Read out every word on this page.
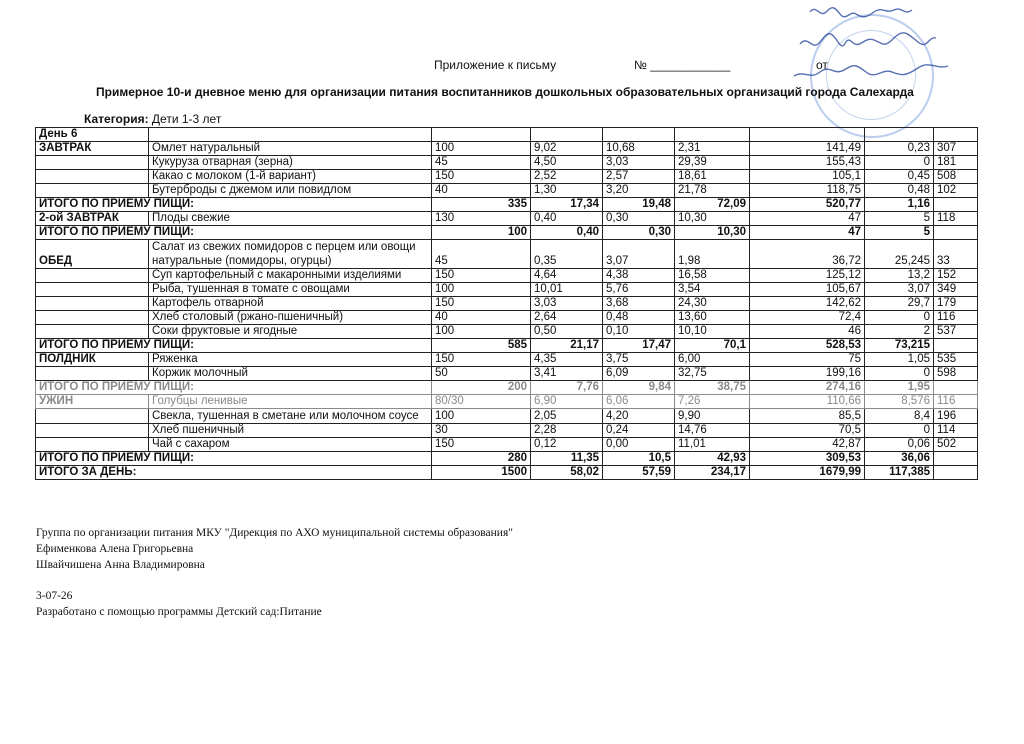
Приложение к письму	№ ____________	от
Примерное 10-и дневное меню для организации питания воспитанников дошкольных образовательных организаций города Салехарда
Категория: Дети 1-3 лет
День 6								
ЗАВТРАК	Омлет натуральный	100	9,02	10,68	2,31	141,49	0,23	307
	Кукуруза отварная (зерна)	45	4,50	3,03	29,39	155,43	0	181
	Какао с молоком (1-й вариант)	150	2,52	2,57	18,61	105,1	0,45	508
	Бутерброды с джемом или повидлом	40	1,30	3,20	21,78	118,75	0,48	102
ИТОГО ПО ПРИЕМУ ПИЩИ:		335	17,34	19,48	72,09	520,77	1,16	
2-ой ЗАВТРАК	Плоды свежие	130	0,40	0,30	10,30	47	5	118
ИТОГО ПО ПРИЕМУ ПИЩИ:		100	0,40	0,30	10,30	47	5	
ОБЕД	Салат из свежих помидоров с перцем или овощи натуральные (помидоры, огурцы)	45	0,35	3,07	1,98	36,72	25,245	33
	Суп картофельный с макаронными изделиями	150	4,64	4,38	16,58	125,12	13,2	152
	Рыба, тушенная в томате с овощами	100	10,01	5,76	3,54	105,67	3,07	349
	Картофель отварной	150	3,03	3,68	24,30	142,62	29,7	179
	Хлеб столовый (ржано-пшеничный)	40	2,64	0,48	13,60	72,4	0	116
	Соки фруктовые и ягодные	100	0,50	0,10	10,10	46	2	537
ИТОГО ПО ПРИЕМУ ПИЩИ:		585	21,17	17,47	70,1	528,53	73,215	
ПОЛДНИК	Ряженка	150	4,35	3,75	6,00	75	1,05	535
	Коржик молочный	50	3,41	6,09	32,75	199,16	0	598
ИТОГО ПО ПРИЕМУ ПИЩИ:		200	7,76	9,84	38,75	274,16	1,95	
УЖИН	Голубцы ленивые	80/30	6,90	6,06	7,26	110,66	8,576	116
	Свекла, тушенная в сметане или молочном соусе	100	2,05	4,20	9,90	85,5	8,4	196
	Хлеб пшеничный	30	2,28	0,24	14,76	70,5	0	114
	Чай с сахаром	150	0,12	0,00	11,01	42,87	0,06	502
ИТОГО ПО ПРИЕМУ ПИЩИ:		280	11,35	10,5	42,93	309,53	36,06	
ИТОГО ЗА ДЕНЬ:		1500	58,02	57,59	234,17	1679,99	117,385	
Группа по организации питания МКУ "Дирекция по АХО муниципальной системы образования"
Ефименкова Алена Григорьевна
Швайчишена Анна Владимировна
3-07-26
Разработано с помощью программы Детский сад:Питание
